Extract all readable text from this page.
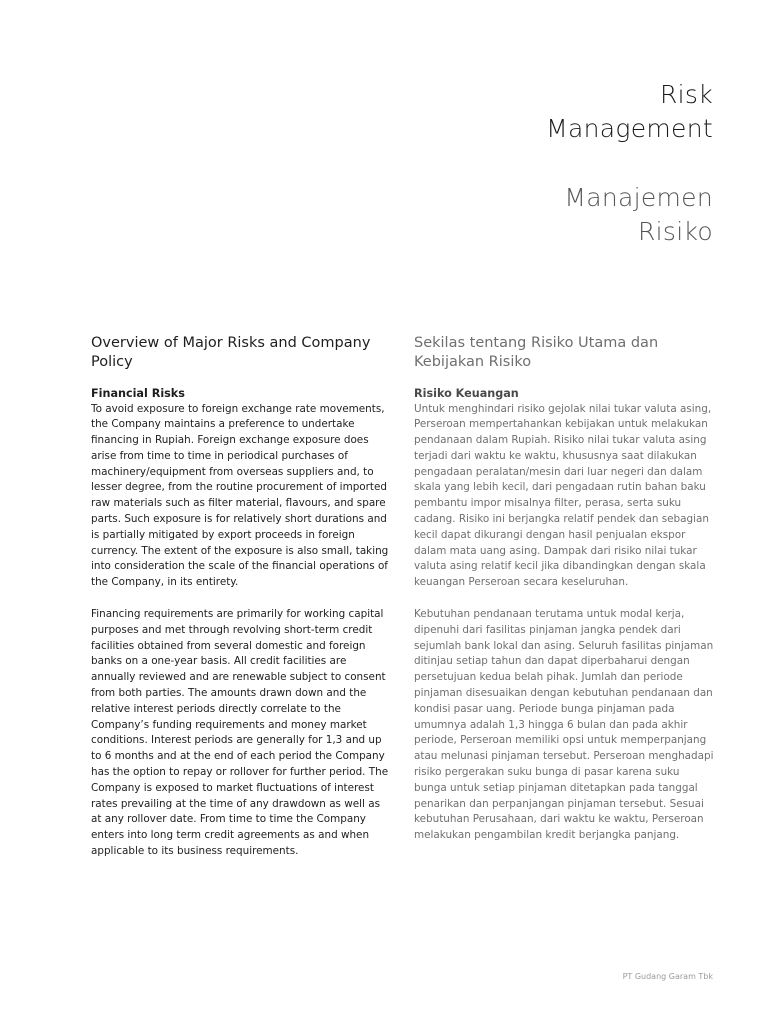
Risk
Management
Manajemen
Risiko
Overview of Major Risks and Company Policy

Financial Risks

To avoid exposure to foreign exchange rate movements, the Company maintains a preference to undertake financing in Rupiah. Foreign exchange exposure does arise from time to time in periodical purchases of machinery/equipment from overseas suppliers and, to lesser degree, from the routine procurement of imported raw materials such as filter material, flavours, and spare parts. Such exposure is for relatively short durations and is partially mitigated by export proceeds in foreign currency. The extent of the exposure is also small, taking into consideration the scale of the financial operations of the Company, in its entirety.

Financing requirements are primarily for working capital purposes and met through revolving short-term credit facilities obtained from several domestic and foreign banks on a one-year basis. All credit facilities are annually reviewed and are renewable subject to consent from both parties. The amounts drawn down and the relative interest periods directly correlate to the Company’s funding requirements and money market conditions. Interest periods are generally for 1,3 and up to 6 months and at the end of each period the Company has the option to repay or rollover for further period. The Company is exposed to market fluctuations of interest rates prevailing at the time of any drawdown as well as at any rollover date. From time to time the Company enters into long term credit agreements as and when applicable to its business requirements.

Sekilas tentang Risiko Utama dan Kebijakan Risiko

Risiko Keuangan

Untuk menghindari risiko gejolak nilai tukar valuta asing, Perseroan mempertahankan kebijakan untuk melakukan pendanaan dalam Rupiah. Risiko nilai tukar valuta asing terjadi dari waktu ke waktu, khususnya saat dilakukan pengadaan peralatan/mesin dari luar negeri dan dalam skala yang lebih kecil, dari pengadaan rutin bahan baku pembantu impor misalnya filter, perasa, serta suku cadang. Risiko ini berjangka relatif pendek dan sebagian kecil dapat dikurangi dengan hasil penjualan ekspor dalam mata uang asing. Dampak dari risiko nilai tukar valuta asing relatif kecil jika dibandingkan dengan skala keuangan Perseroan secara keseluruhan.

Kebutuhan pendanaan terutama untuk modal kerja, dipenuhi dari fasilitas pinjaman jangka pendek dari sejumlah bank lokal dan asing. Seluruh fasilitas pinjaman ditinjau setiap tahun dan dapat diperbaharui dengan persetujuan kedua belah pihak. Jumlah dan periode pinjaman disesuaikan dengan kebutuhan pendanaan dan kondisi pasar uang. Periode bunga pinjaman pada umumnya adalah 1,3 hingga 6 bulan dan pada akhir periode, Perseroan memiliki opsi untuk memperpanjang atau melunasi pinjaman tersebut. Perseroan menghadapi risiko pergerakan suku bunga di pasar karena suku bunga untuk setiap pinjaman ditetapkan pada tanggal penarikan dan perpanjangan pinjaman tersebut. Sesuai kebutuhan Perusahaan, dari waktu ke waktu, Perseroan melakukan pengambilan kredit berjangka panjang.

PT Gudang Garam Tbk
